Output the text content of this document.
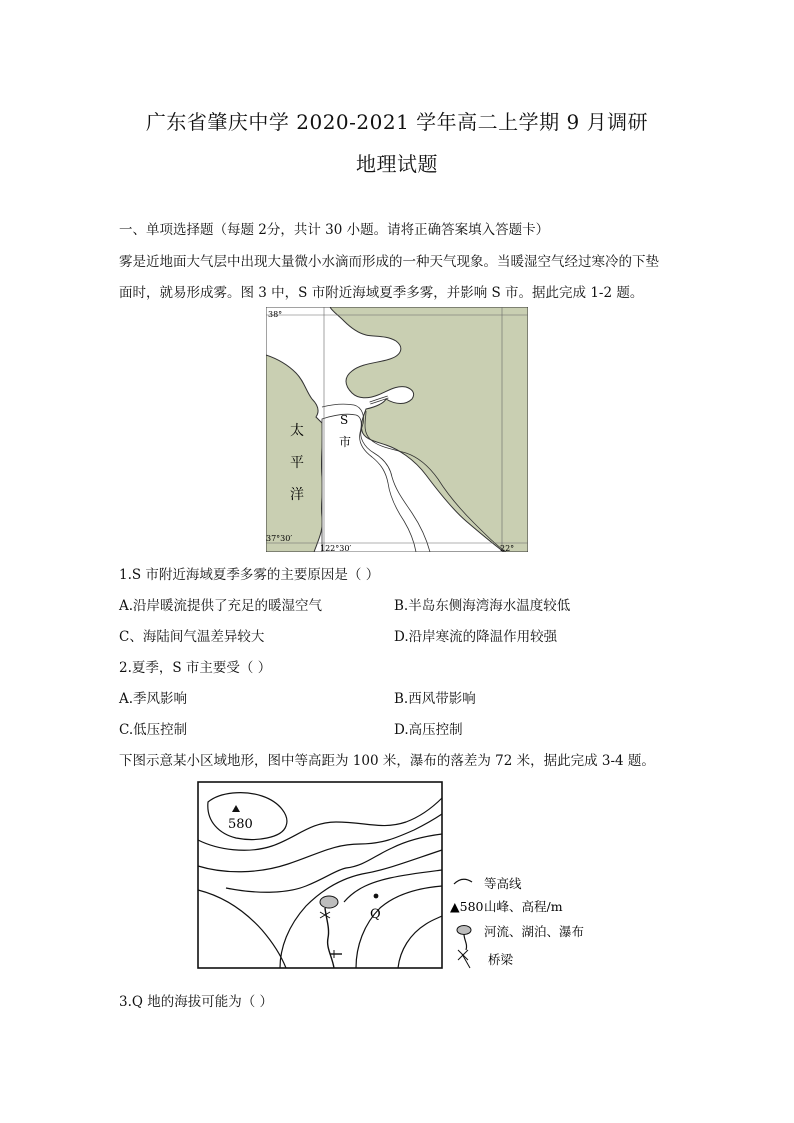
广东省肇庆中学 2020-2021 学年高二上学期 9 月调研
地理试题
一、单项选择题（每题 2分，共计 30 小题。请将正确答案填入答题卡）
雾是近地面大气层中出现大量微小水滴而形成的一种天气现象。当暖湿空气经过寒冷的下垫
面时，就易形成雾。图 3 中，S 市附近海域夏季多雾，并影响 S 市。据此完成 1-2 题。
38°
37°30′
122°30′	22°
S
市
太
平
洋
1.S 市附近海域夏季多雾的主要原因是（ ）
A.沿岸暖流提供了充足的暖湿空气	B.半岛东侧海湾海水温度较低
C、海陆间气温差异较大	D.沿岸寒流的降温作用较强
2.夏季，S 市主要受（ ）
A.季风影响	B.西风带影响
C.低压控制	D.高压控制
下图示意某小区域地形，图中等高距为 100 米，瀑布的落差为 72 米，据此完成 3-4 题。
580
Q
等高线
▲580 山峰、高程/m
河流、湖泊、瀑布
桥梁
3.Q 地的海拔可能为（ ）
